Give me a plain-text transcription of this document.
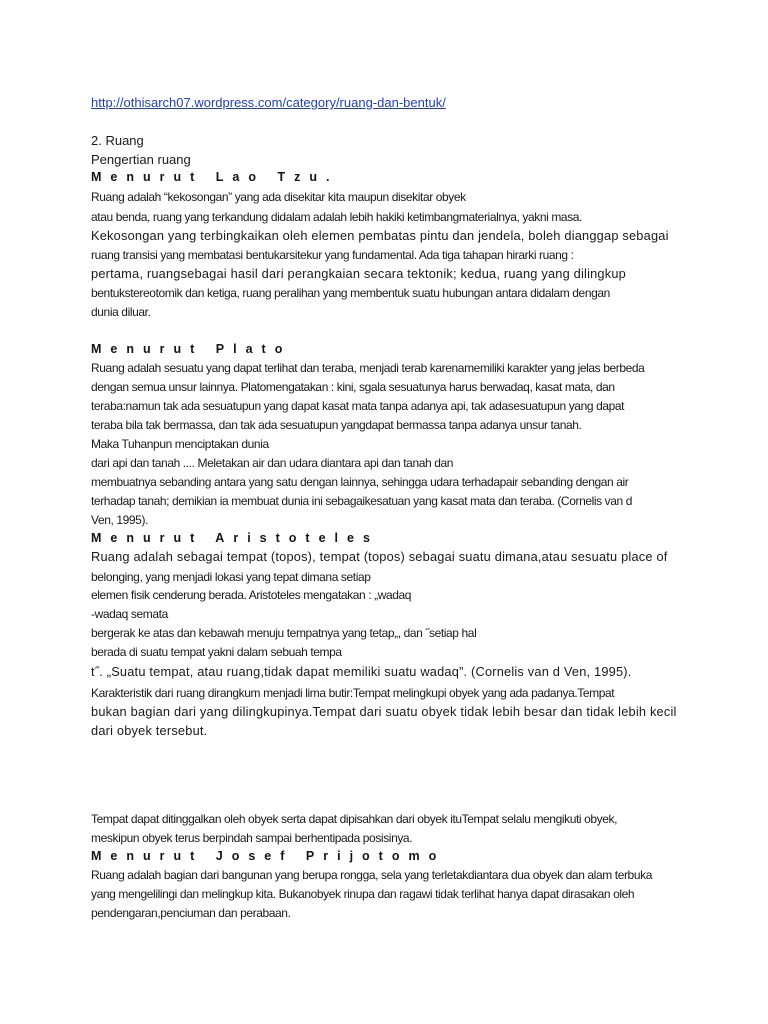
http://othisarch07.wordpress.com/category/ruang-dan-bentuk/
2. Ruang
Pengertian ruang
Menurut Lao Tzu.
Ruang adalah “kekosongan” yang ada disekitar kita maupun disekitar obyek
atau benda, ruang yang terkandung didalam adalah lebih hakiki ketimbangmaterialnya, yakni masa.
Kekosongan yang terbingkaikan oleh elemen pembatas pintu dan jendela, boleh dianggap sebagai
ruang transisi yang membatasi bentukarsitekur yang fundamental. Ada tiga tahapan hirarki ruang :
pertama, ruangsebagai hasil dari perangkaian secara tektonik; kedua, ruang yang dilingkup
bentukstereotomik dan ketiga, ruang peralihan yang membentuk suatu hubungan antara didalam dengan
dunia diluar.
Menurut Plato
Ruang adalah sesuatu yang dapat terlihat dan teraba, menjadi terab karenamemiliki karakter yang jelas berbeda
dengan semua unsur lainnya. Platomengatakan : kini, sgala sesuatunya harus berwadaq, kasat mata, dan
teraba:namun tak ada sesuatupun yang dapat kasat mata tanpa adanya api, tak adasesuatupun yang dapat
teraba bila tak bermassa, dan tak ada sesuatupun yangdapat bermassa tanpa adanya unsur tanah.
Maka Tuhanpun menciptakan dunia
dari api dan tanah .... Meletakan air dan udara diantara api dan tanah dan
membuatnya sebanding antara yang satu dengan lainnya, sehingga udara terhadapair sebanding dengan air
terhadap tanah; demikian ia membuat dunia ini sebagaikesatuan yang kasat mata dan teraba. (Cornelis van d
Ven, 1995).
Menurut Aristoteles
Ruang adalah sebagai tempat (topos), tempat (topos) sebagai suatu dimana,atau sesuatu place of
belonging, yang menjadi lokasi yang tepat dimana setiap
elemen fisik cenderung berada. Aristoteles mengatakan : „wadaq
-wadaq semata
bergerak ke atas dan kebawah menuju tempatnya yang tetap„, dan ˝setiap hal
berada di suatu tempat yakni dalam sebuah tempa
t˝. „Suatu tempat, atau ruang,tidak dapat memiliki suatu wadaq”. (Cornelis van d Ven, 1995).
Karakteristik dari ruang dirangkum menjadi lima butir:Tempat melingkupi obyek yang ada padanya.Tempat
bukan bagian dari yang dilingkupinya.Tempat dari suatu obyek tidak lebih besar dan tidak lebih kecil
dari obyek tersebut.
Tempat dapat ditinggalkan oleh obyek serta dapat dipisahkan dari obyek ituTempat selalu mengikuti obyek,
meskipun obyek terus berpindah sampai berhentipada posisinya.
Menurut Josef Prijotomo
Ruang adalah bagian dari bangunan yang berupa rongga, sela yang terletakdiantara dua obyek dan alam terbuka
yang mengelilingi dan melingkup kita. Bukanobyek rinupa dan ragawi tidak terlihat hanya dapat dirasakan oleh
pendengaran,penciuman dan perabaan.
